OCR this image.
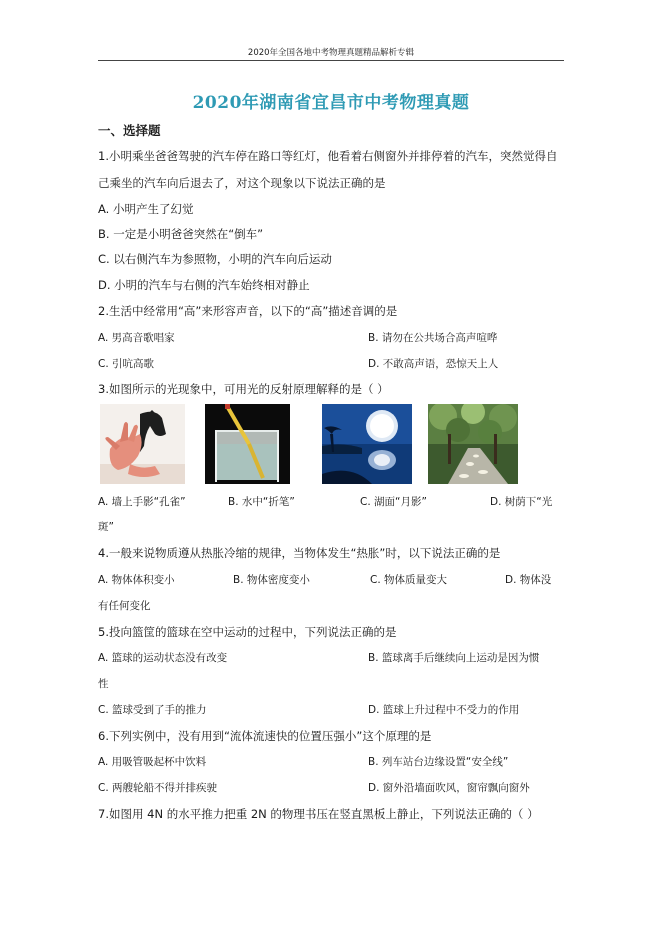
2020年全国各地中考物理真题精品解析专辑
2020年湖南省宜昌市中考物理真题
一、选择题
1.小明乘坐爸爸驾驶的汽车停在路口等红灯，他看着右侧窗外并排停着的汽车，突然觉得自
己乘坐的汽车向后退去了，对这个现象以下说法正确的是
A. 小明产生了幻觉
B. 一定是小明爸爸突然在“倒车”
C. 以右侧汽车为参照物，小明的汽车向后运动
D. 小明的汽车与右侧的汽车始终相对静止
2.生活中经常用“高”来形容声音，以下的“高”描述音调的是
A. 男高音歌唱家	B. 请勿在公共场合高声喧哗
C. 引吭高歌	D. 不敢高声语，恐惊天上人
3.如图所示的光现象中，可用光的反射原理解释的是（ ）
A. 墙上手影“孔雀”	B. 水中“折笔”	C. 湖面“月影”	D. 树荫下“光
斑”
4.一般来说物质遵从热胀冷缩的规律，当物体发生“热胀”时，以下说法正确的是
A. 物体体积变小	B. 物体密度变小	C. 物体质量变大	D. 物体没
有任何变化
5.投向篮筐的篮球在空中运动的过程中，下列说法正确的是
A. 篮球的运动状态没有改变	B. 篮球离手后继续向上运动是因为惯
性
C. 篮球受到了手的推力	D. 篮球上升过程中不受力的作用
6.下列实例中，没有用到“流体流速快的位置压强小”这个原理的是
A. 用吸管吸起杯中饮料	B. 列车站台边缘设置“安全线”
C. 两艘轮船不得并排疾驶	D. 窗外沿墙面吹风，窗帘飘向窗外
7.如图用 4N 的水平推力把重 2N 的物理书压在竖直黑板上静止，下列说法正确的（ ）
